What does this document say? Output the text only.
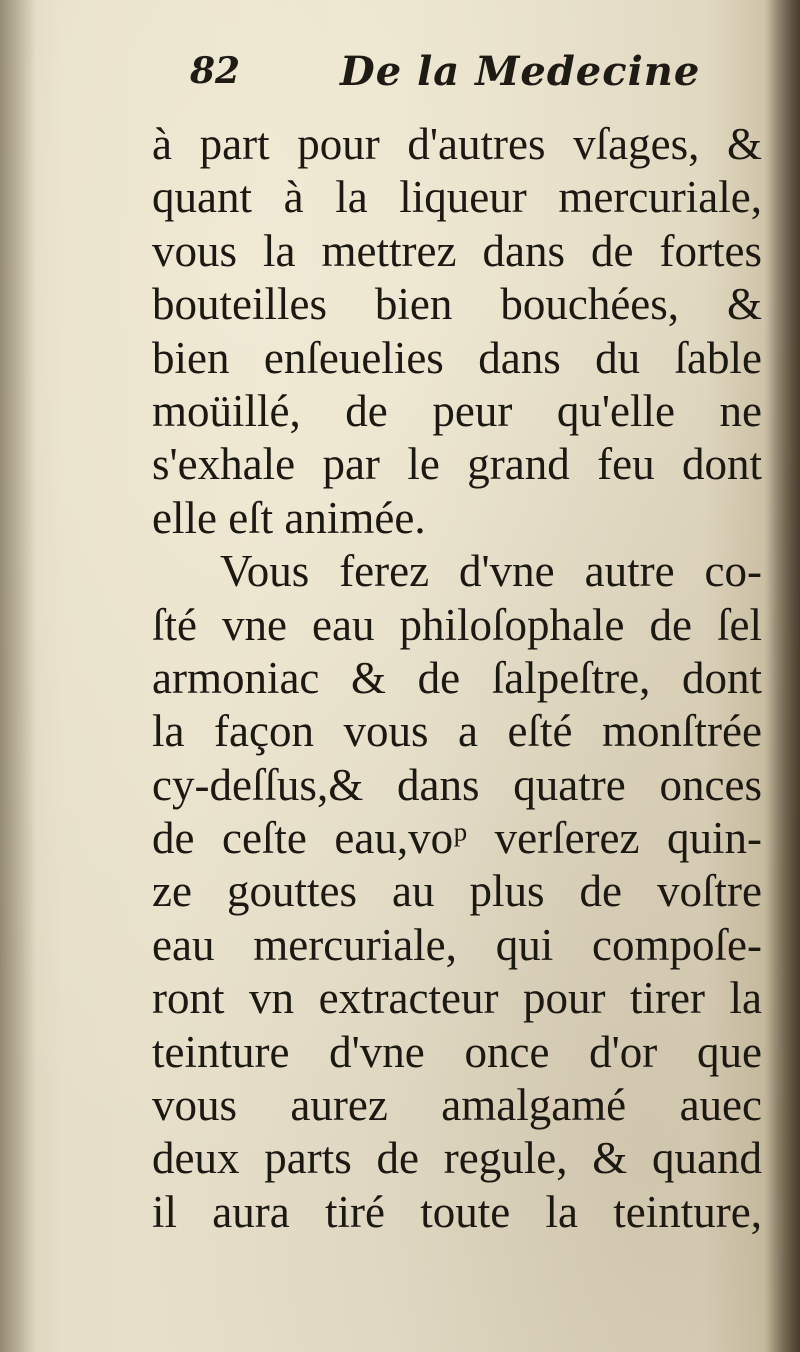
82 De la Medecine
à part pour d'autres vſages, &
quant à la liqueur mercuriale,
vous la mettrez dans de fortes
bouteilles bien bouchées, &
bien enſeuelies dans du ſable
moüillé, de peur qu'elle ne
s'exhale par le grand feu dont
elle eſt animée.
Vous ferez d'vne autre co-
ſté vne eau philoſophale de ſel
armoniac & de ſalpeſtre, dont
la façon vous a eſté monſtrée
cy-deſſus,& dans quatre onces
de ceſte eau,voᵖ verſerez quin-
ze gouttes au plus de voſtre
eau mercuriale, qui compoſe-
ront vn extracteur pour tirer la
teinture d'vne once d'or que
vous aurez amalgamé auec
deux parts de regule, & quand
il aura tiré toute la teinture,
